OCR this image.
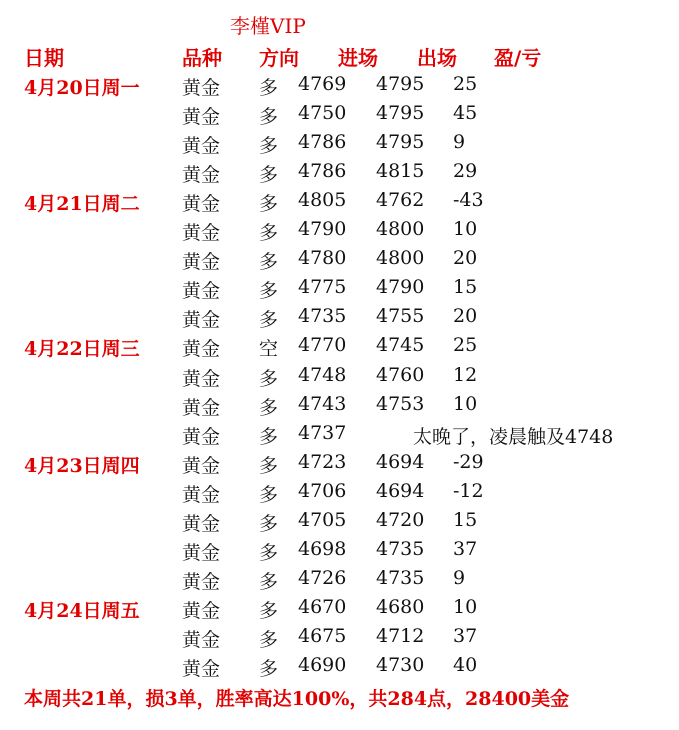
李槿VIP
日期	品种 方向 进场 出场 盈/亏
4月20日周一 黄金 多 4769 4795 25
黄金 多 4750 4795 45
黄金 多 4786 4795 9
黄金 多 4786 4815 29
4月21日周二 黄金 多 4805 4762 -43
黄金 多 4790 4800 10
黄金 多 4780 4800 20
黄金 多 4775 4790 15
黄金 多 4735 4755 20
4月22日周三 黄金 空 4770 4745 25
黄金 多 4748 4760 12
黄金 多 4743 4753 10
黄金 多 4737	太晚了，凌晨触及4748
4月23日周四 黄金 多 4723 4694 -29
黄金 多 4706 4694 -12
黄金 多 4705 4720 15
黄金 多 4698 4735 37
黄金 多 4726 4735 9
4月24日周五 黄金 多 4670 4680 10
黄金 多 4675 4712 37
黄金 多 4690 4730 40
本周共21单，损3单，胜率高达100%，共284点，28400美金
